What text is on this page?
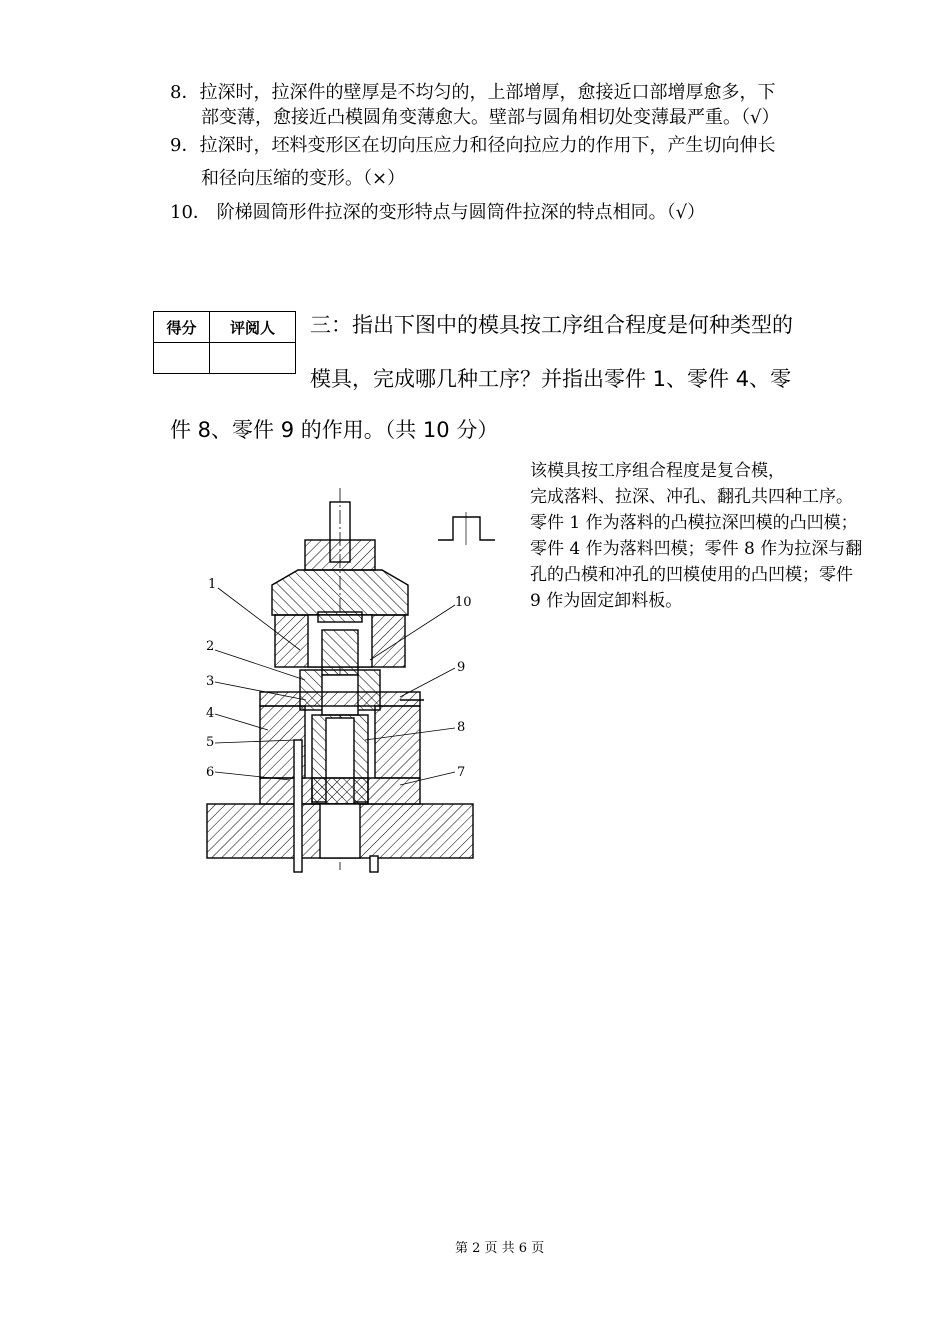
8．拉深时，拉深件的壁厚是不均匀的，上部增厚，愈接近口部增厚愈多，下
部变薄，愈接近凸模圆角变薄愈大。壁部与圆角相切处变薄最严重。（√）
9．拉深时，坯料变形区在切向压应力和径向拉应力的作用下，产生切向伸长
和径向压缩的变形。（×）
10． 阶梯圆筒形件拉深的变形特点与圆筒件拉深的特点相同。（√）
得分	评阅人
	三：指出下图中的模具按工序组合程度是何种类型的
模具，完成哪几种工序？并指出零件 1、零件 4、零
件 8、零件 9 的作用。（共 10 分）
该模具按工序组合程度是复合模，
完成落料、拉深、冲孔、翻孔共四种工序。
零件 1 作为落料的凸模拉深凹模的凸凹模；零件 4 作为落料凹模；零件 8 作为拉深与翻孔的凸模和冲孔的凹模使用的凸凹模；零件 9 作为固定卸料板。
1
2
3
4
5
6	7
8
9
10
第 2 页 共 6 页
